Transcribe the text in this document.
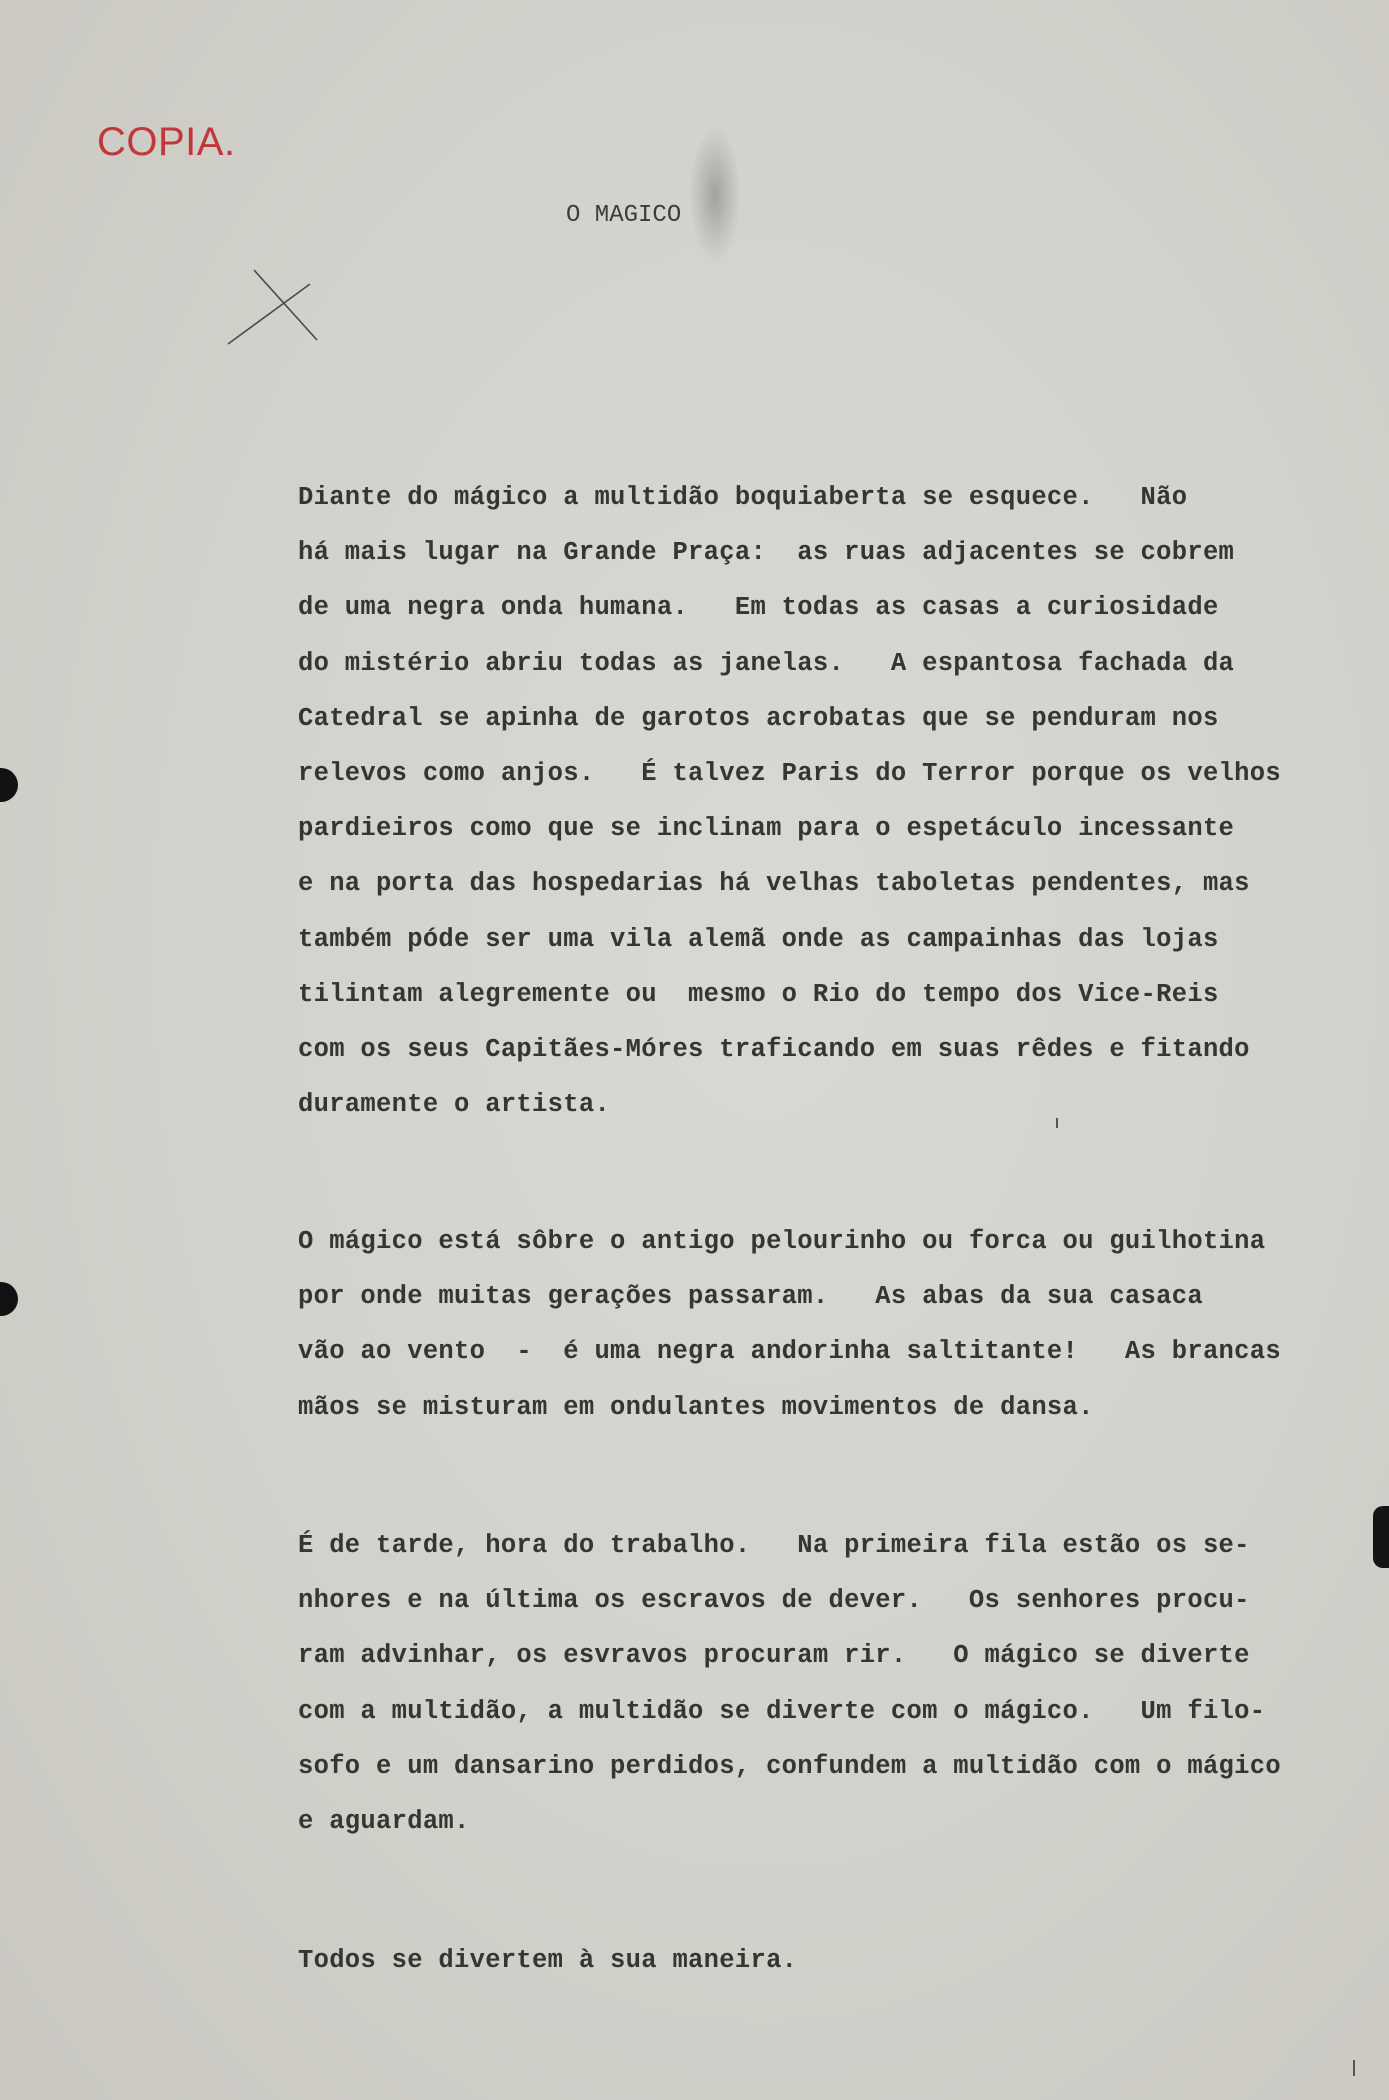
COPIA.
O MAGICO
Diante do mágico a multidão boquiaberta se esquece.   Não
há mais lugar na Grande Praça:  as ruas adjacentes se cobrem
de uma negra onda humana.   Em todas as casas a curiosidade
do mistério abriu todas as janelas.   A espantosa fachada da
Catedral se apinha de garotos acrobatas que se penduram nos
relevos como anjos.   É talvez Paris do Terror porque os velhos
pardieiros como que se inclinam para o espetáculo incessante
e na porta das hospedarias há velhas taboletas pendentes, mas
também póde ser uma vila alemã onde as campainhas das lojas
tilintam alegremente ou  mesmo o Rio do tempo dos Vice-Reis
com os seus Capitães-Móres traficando em suas rêdes e fitando
duramente o artista.
O mágico está sôbre o antigo pelourinho ou forca ou guilhotina
por onde muitas gerações passaram.   As abas da sua casaca
vão ao vento  -  é uma negra andorinha saltitante!   As brancas
mãos se misturam em ondulantes movimentos de dansa.
É de tarde, hora do trabalho.   Na primeira fila estão os se-
nhores e na última os escravos de dever.   Os senhores procu-
ram advinhar, os esvravos procuram rir.   O mágico se diverte
com a multidão, a multidão se diverte com o mágico.   Um filo-
sofo e um dansarino perdidos, confundem a multidão com o mágico
e aguardam.
Todos se divertem à sua maneira.
